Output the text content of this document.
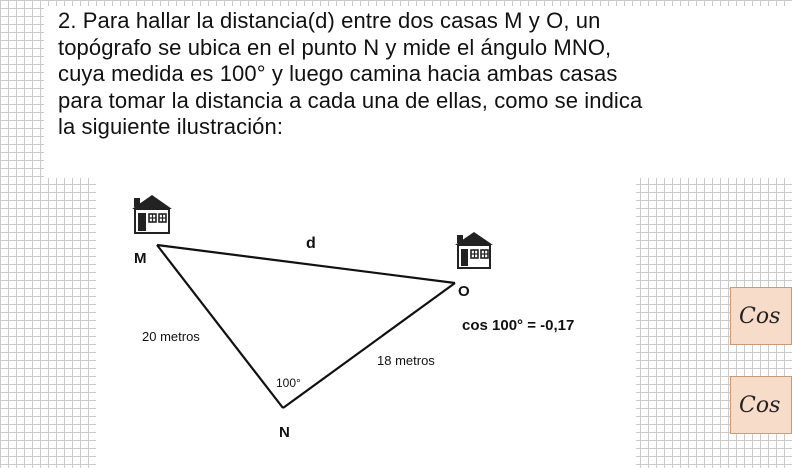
2. Para hallar la distancia(d) entre dos casas M y O, un
topógrafo se ubica en el punto N y mide el ángulo MNO,
cuya medida es 100° y luego camina hacia ambas casas
para tomar la distancia a cada una de ellas, como se indica
la siguiente ilustración:
M
O
N
d
20 metros
18 metros
100°
cos 100° = -0,17	Cos
Cos
